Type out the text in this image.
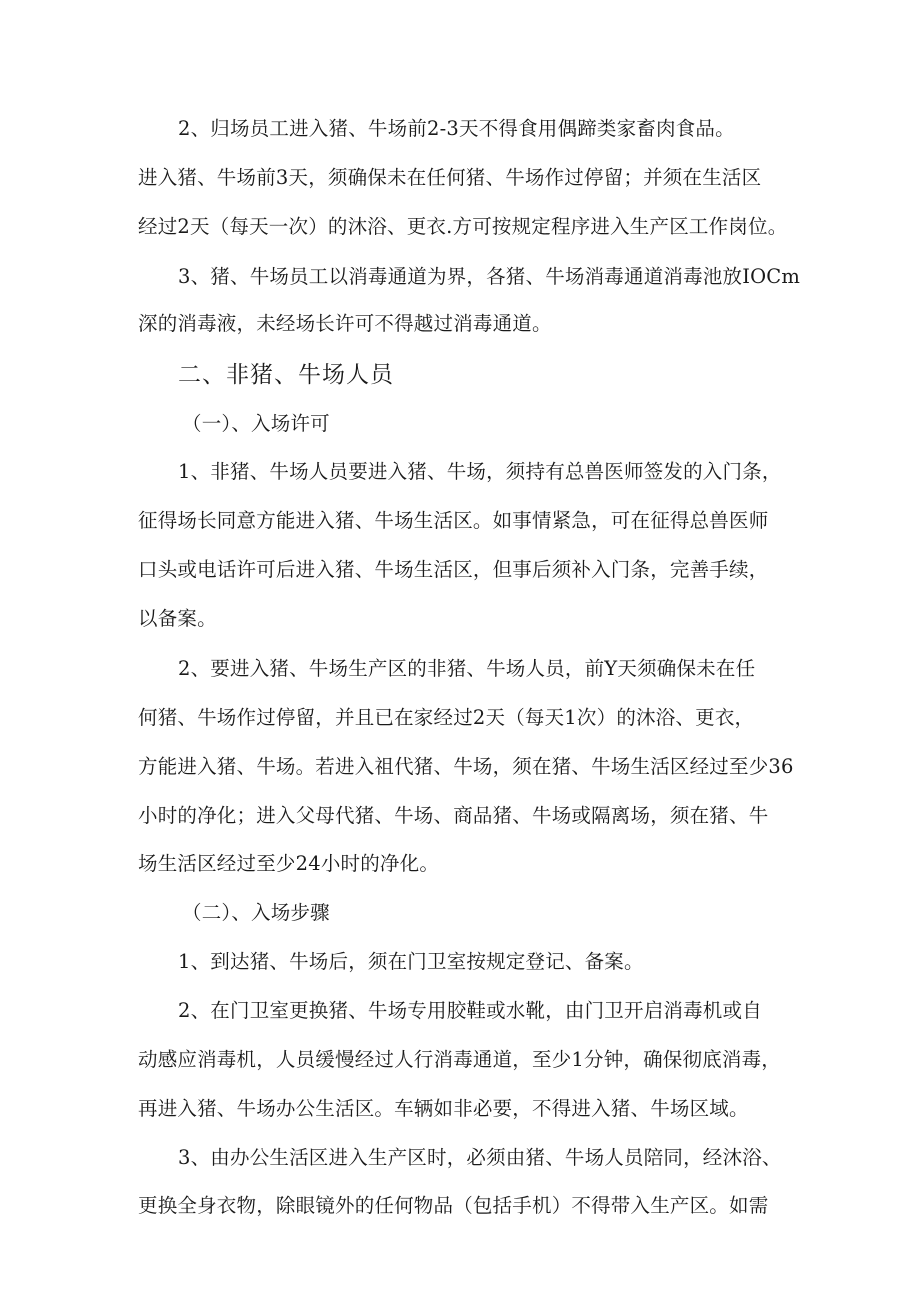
2、归场员工进入猪、牛场前2-3天不得食用偶蹄类家畜肉食品。
进入猪、牛场前3天，须确保未在任何猪、牛场作过停留；并须在生活区
经过2天（每天一次）的沐浴、更衣.方可按规定程序进入生产区工作岗位。
3、猪、牛场员工以消毒通道为界，各猪、牛场消毒通道消毒池放IOCm
深的消毒液，未经场长许可不得越过消毒通道。
二、非猪、牛场人员
（一）、入场许可
1、非猪、牛场人员要进入猪、牛场，须持有总兽医师签发的入门条，
征得场长同意方能进入猪、牛场生活区。如事情紧急，可在征得总兽医师
口头或电话许可后进入猪、牛场生活区，但事后须补入门条，完善手续，
以备案。
2、要进入猪、牛场生产区的非猪、牛场人员，前Y天须确保未在任
何猪、牛场作过停留，并且已在家经过2天（每天1次）的沐浴、更衣，
方能进入猪、牛场。若进入祖代猪、牛场，须在猪、牛场生活区经过至少36
小时的净化；进入父母代猪、牛场、商品猪、牛场或隔离场，须在猪、牛
场生活区经过至少24小时的净化。
（二）、入场步骤
1、到达猪、牛场后，须在门卫室按规定登记、备案。
2、在门卫室更换猪、牛场专用胶鞋或水靴，由门卫开启消毒机或自
动感应消毒机，人员缓慢经过人行消毒通道，至少1分钟，确保彻底消毒，
再进入猪、牛场办公生活区。车辆如非必要，不得进入猪、牛场区域。
3、由办公生活区进入生产区时，必须由猪、牛场人员陪同，经沐浴、
更换全身衣物，除眼镜外的任何物品（包括手机）不得带入生产区。如需
